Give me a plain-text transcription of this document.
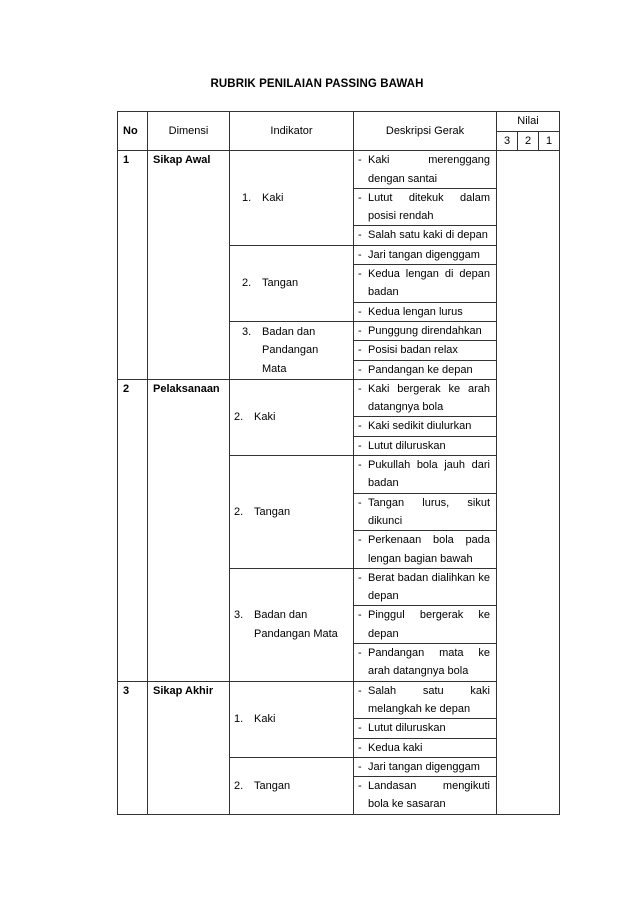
RUBRIK PENILAIAN PASSING BAWAH
No	Dimensi	Indikator	Deskripsi Gerak	Nilai		
				3	2	1
1	Sikap Awal	1. Kaki	- Kaki merenggang dengan santai			

			- Lutut ditekuk dalam posisi rendah			

			- Salah satu kaki di depan			

		2. Tangan	- Jari tangan digenggam			

			- Kedua lengan di depan badan			

			- Kedua lengan lurus			

		3. Badan dan Pandangan Mata	- Punggung direndahkan			

			- Posisi badan relax			

			- Pandangan ke depan			

2	Pelaksanaan	2. Kaki	- Kaki bergerak ke arah datangnya bola			

			- Kaki sedikit diulurkan			

			- Lutut diluruskan			

		2. Tangan	- Pukullah bola jauh dari badan			

			- Tangan lurus, sikut dikunci			

			- Perkenaan bola pada lengan bagian bawah			

		3. Badan dan Pandangan Mata	- Berat badan dialihkan ke depan			

			- Pinggul bergerak ke depan			

			- Pandangan mata ke arah datangnya bola			

3	Sikap Akhir	1. Kaki	- Salah satu kaki melangkah ke depan			

			- Lutut diluruskan			

			- Kedua kaki			

		2. Tangan	- Jari tangan digenggam			

			- Landasan mengikuti bola ke sasaran			
